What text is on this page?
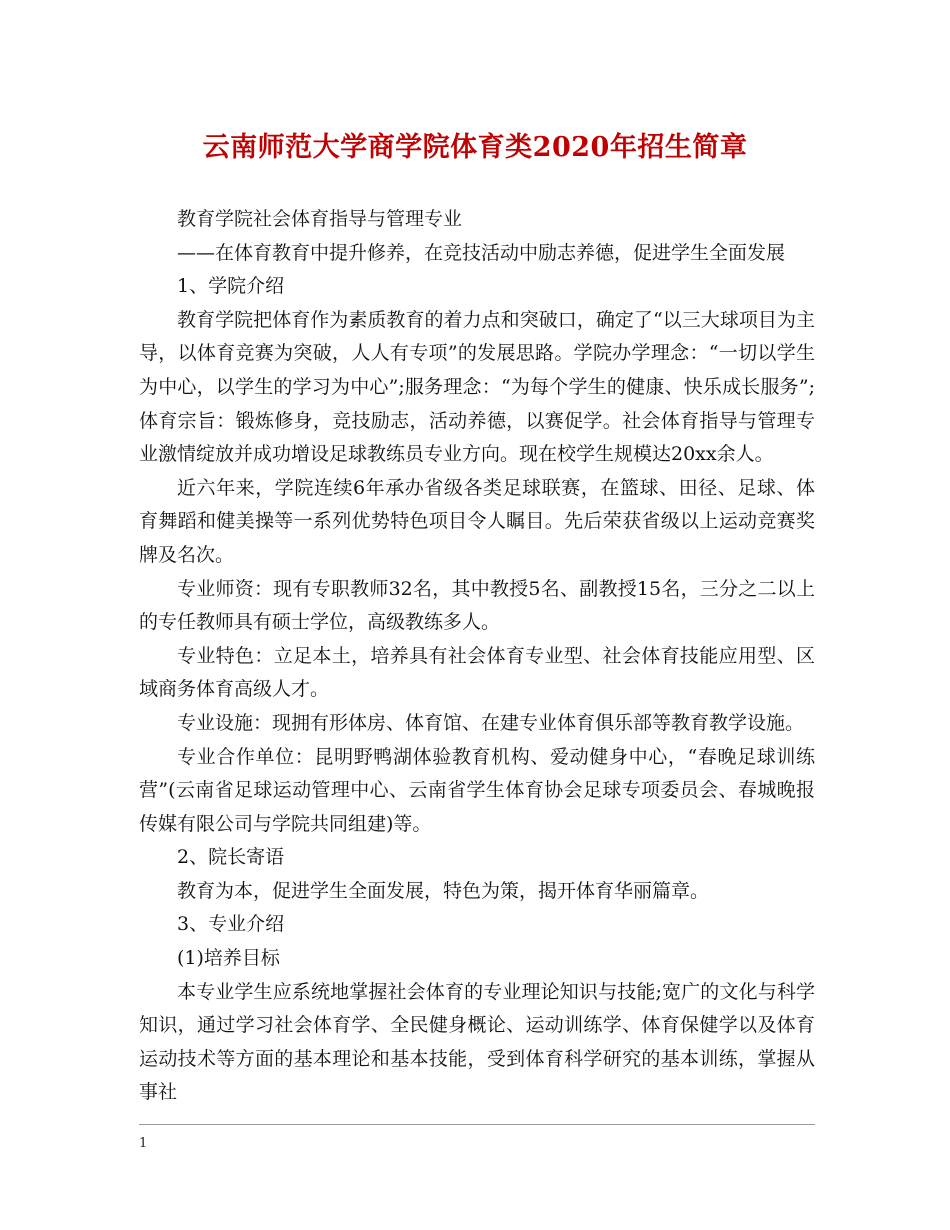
云南师范大学商学院体育类2020年招生简章

教育学院社会体育指导与管理专业

——在体育教育中提升修养，在竞技活动中励志养德，促进学生全面发展

1、学院介绍

教育学院把体育作为素质教育的着力点和突破口，确定了“以三大球项目为主导，以体育竞赛为突破，人人有专项”的发展思路。学院办学理念：“一切以学生为中心，以学生的学习为中心”;服务理念：“为每个学生的健康、快乐成长服务”;体育宗旨：锻炼修身，竞技励志，活动养德，以赛促学。社会体育指导与管理专业激情绽放并成功增设足球教练员专业方向。现在校学生规模达20xx余人。

近六年来，学院连续6年承办省级各类足球联赛，在篮球、田径、足球、体育舞蹈和健美操等一系列优势特色项目令人瞩目。先后荣获省级以上运动竞赛奖牌及名次。

专业师资：现有专职教师32名，其中教授5名、副教授15名，三分之二以上的专任教师具有硕士学位，高级教练多人。

专业特色：立足本土，培养具有社会体育专业型、社会体育技能应用型、区域商务体育高级人才。

专业设施：现拥有形体房、体育馆、在建专业体育俱乐部等教育教学设施。

专业合作单位：昆明野鸭湖体验教育机构、爱动健身中心，“春晚足球训练营”(云南省足球运动管理中心、云南省学生体育协会足球专项委员会、春城晚报传媒有限公司与学院共同组建)等。

2、院长寄语

教育为本，促进学生全面发展，特色为策，揭开体育华丽篇章。

3、专业介绍

(1)培养目标

本专业学生应系统地掌握社会体育的专业理论知识与技能;宽广的文化与科学知识，通过学习社会体育学、全民健身概论、运动训练学、体育保健学以及体育运动技术等方面的基本理论和基本技能，受到体育科学研究的基本训练，掌握从事社

1
